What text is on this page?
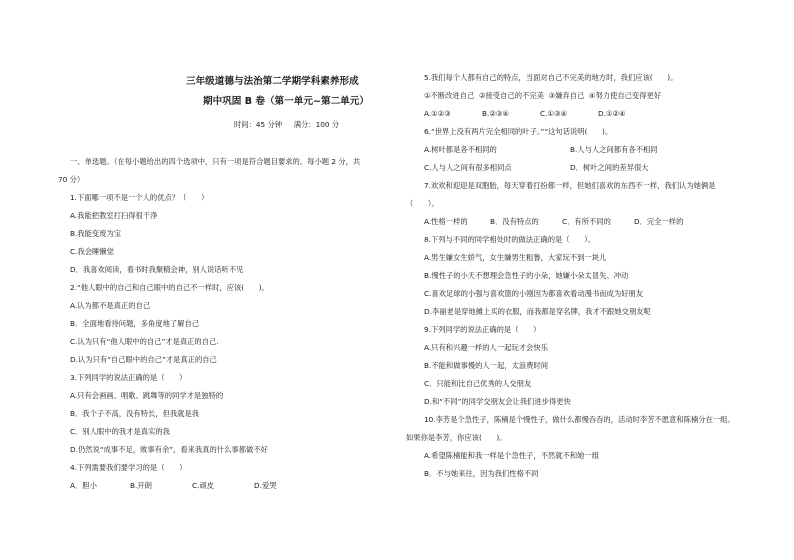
三年级道德与法治第二学期学科素养形成
期中巩固 B 卷（第一单元~第二单元）
时间：45 分钟 满分：100 分
一、单选题。（在每小题给出的四个选项中，只有一项是符合题目要求的。每小题 2 分，共
70 分）
1.下面哪一项不是一个人的优点？（　　）
A.我能把教室打扫得很干净
B.我能变废为宝
C.我会睡懒觉
D．我喜欢阅读，看书时我聚精会神，别人说话听不见
2.“他人眼中的自己和自己眼中的自己不一样时，应该(　　)。
A.认为都不是真正的自己
B．全面地看待问题，多角度地了解自己
C.认为只有“他人眼中的自己”才是真正的自己.
D.认为只有“自己眼中的自己”才是真正的自己
3.下列同学的说法正确的是（　　）
A.只有会画画、唱歌、跳舞等的同学才是独特的
B．我个子不高，没有特长，但我就是我
C．别人眼中的我才是真实的我
D.仍然说“成事不足，败事有余”，看来我真的什么事都做不好
4.下列需要我们要学习的是（　　）
A．胆小	B.开朗	C.顽皮	D.爱哭
5.我们每个人都有自己的特点，当面对自己不完美的地方时，我们应该(　　)。
①不断改进自己 ②接受自己的不完美 ③嫌弃自己 ④努力使自己变得更好
A.①②③	B.②③④	C.①③④	D.①②④
6.“世界上没有两片完全相同的叶子。”“这句话说明(　　)。
A.树叶都是各不相同的	B.人与人之间都有各不相同
C.人与人之间有很多相同点	D．树叶之间的差异很大
7.欢欢和迎迎是双胞胎，每天穿着打扮都一样，但她们喜欢的东西不一样，我们认为她俩是
（　　）。
A.性格一样的	B．没有特点的	C．有所不同的	D．完全一样的
8.下列与不同的同学相处时的做法正确的是（　　）。
A.男生嫌女生娇气，女生嫌男生粗鲁，大家玩不到一块儿
B.慢性子的小天不想理会急性子的小朵，她嫌小朵太冒失、冲动
C.喜欢足球的小强与喜欢篮的小刚因为都喜欢看动漫书而成为好朋友
D.李丽老是穿地摊上买的衣服，而我都是穿名牌，我才不跟她交朋友呢
9.下列同学的说法正确的是（　　）
A.只有和兴趣一样的人一起玩才会快乐
B.不能和做事慢的人一起，太浪费时间
C．只能和比自己优秀的人交朋友
D.和“不同”的同学交朋友会让我们进步得更快
10.李芳是个急性子，陈楠是个慢性子，做什么都慢吞吞的，活动时李芳不愿意和陈楠分在一组。
如果你是李芳，你应该(　　)。
A.希望陈楠能和我一样是个急性子，不然就不和她一组
B．不与她来往，因为我们性格不同
